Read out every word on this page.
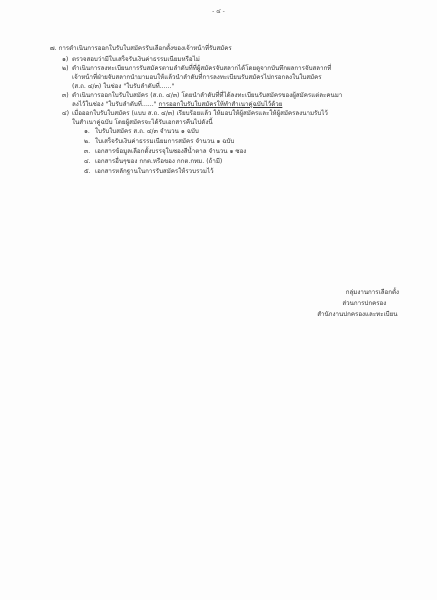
- ๔ -
๗. การดำเนินการออกใบรับใบสมัครรับเลือกตั้งของเจ้าหน้าที่รับสมัคร
๑) ตรวจสอบว่ามีใบเสร็จรับเงินค่าธรรมเนียมหรือไม่
๒) ดำเนินการลงทะเบียนการรับสมัครตามลำดับที่ที่ผู้สมัครจับสลากได้โดยดูจากบันทึกผลการจับสลากที่
เจ้าหน้าที่ฝ่ายจับสลากนำมามอบให้แล้วนำลำดับที่การลงทะเบียนรับสมัครไปกรอกลงในใบสมัคร
(ส.ถ. ๔/๓) ในช่อง "ใบรับลำดับที่......"
๓) ดำเนินการออกใบรับใบสมัคร (ส.ถ. ๔/๓) โดยนำลำดับที่ที่ได้ลงทะเบียนรับสมัครของผู้สมัครแต่ละคนมา
ลงไว้ในช่อง "ใบรับลำดับที่......" การออกใบรับใบสมัครให้ทำสำเนาคู่ฉบับไว้ด้วย
๔) เมื่อออกใบรับใบสมัคร (แบบ ส.ถ. ๔/๓) เรียบร้อยแล้ว ให้มอบให้ผู้สมัครและให้ผู้สมัครลงนามรับไว้
ในสำเนาคู่ฉบับ โดยผู้สมัครจะได้รับเอกสารคืนไปดังนี้
๑. ใบรับใบสมัคร ส.ถ. ๔/๓ จำนวน ๑ ฉบับ
๒. ใบเสร็จรับเงินค่าธรรมเนียมการสมัคร จำนวน ๑ ฉบับ
๓. เอกสารข้อมูลเลือกตั้งบรรจุในซองสีน้ำตาล จำนวน ๑ ซอง
๔. เอกสารอื่นๆของ กกต.หรือของ กกต.กทม. (ถ้ามี)
๕. เอกสารหลักฐานในการรับสมัครให้รวบรวมไว้
กลุ่มงานการเลือกตั้ง
ส่วนการปกครอง
สำนักงานปกครองและทะเบียน
